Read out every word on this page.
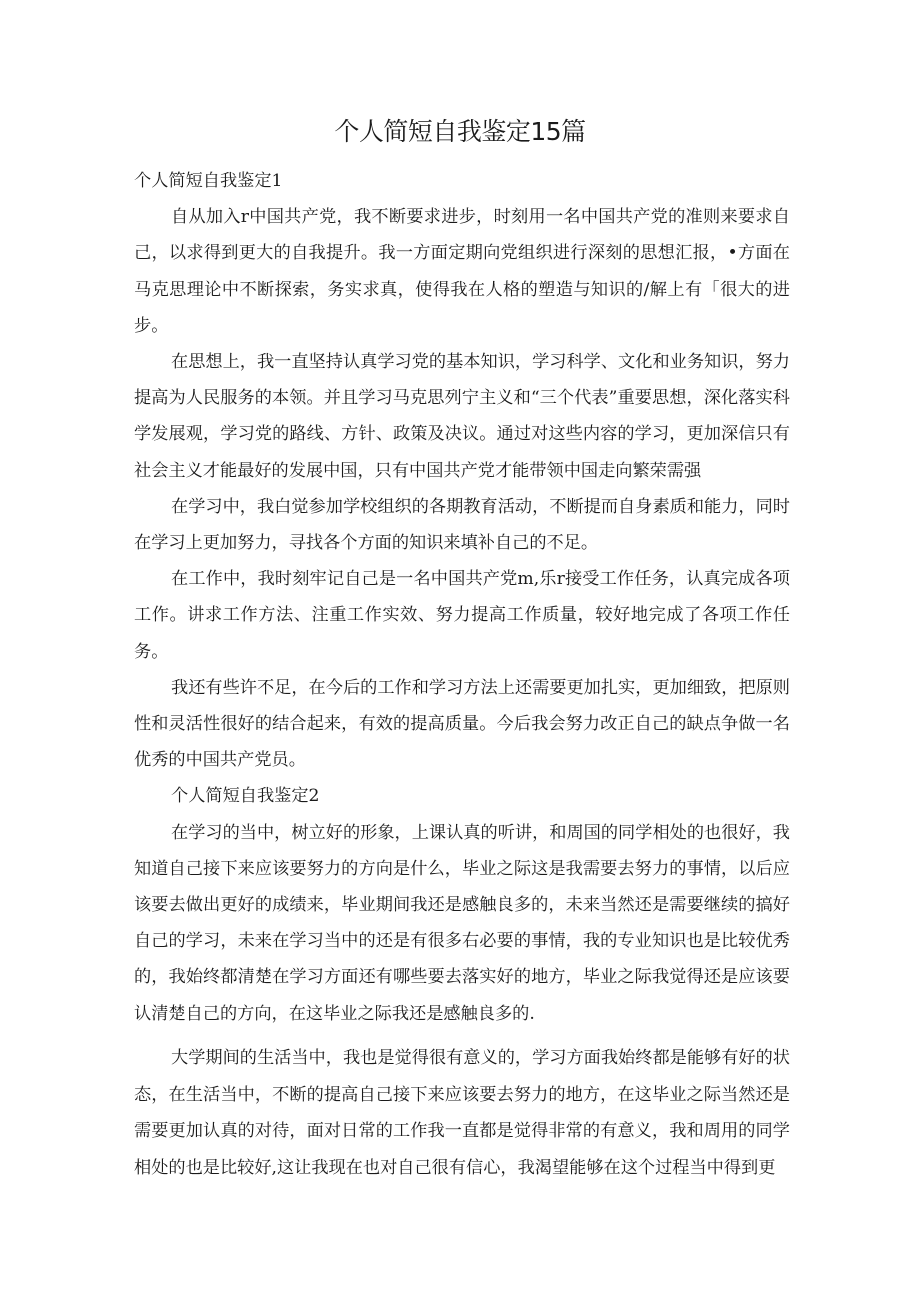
个人简短自我鉴定15篇

个人简短自我鉴定1

自从加入r中国共产党，我不断要求进步，时刻用一名中国共产党的准则来要求自己，以求得到更大的自我提升。我一方面定期向党组织进行深刻的思想汇报，•方面在马克思理论中不断探索，务实求真，使得我在人格的塑造与知识的/解上有「很大的进步。

在思想上，我一直坚持认真学习党的基本知识，学习科学、文化和业务知识，努力提高为人民服务的本领。并且学习马克思列宁主义和“三个代表”重要思想，深化落实科学发展观，学习党的路线、方针、政策及决议。通过对这些内容的学习，更加深信只有社会主义才能最好的发展中国，只有中国共产党才能带领中国走向繁荣需强

在学习中，我白觉参加学校组织的各期教育活动，不断提而自身素质和能力，同时在学习上更加努力，寻找各个方面的知识来填补自己的不足。

在工作中，我时刻牢记自己是一名中国共产党m,乐r接受工作任务，认真完成各项工作。讲求工作方法、注重工作实效、努力提高工作质量，较好地完成了各项工作任务。

我还有些许不足，在今后的工作和学习方法上还需要更加扎实，更加细致，把原则性和灵活性很好的结合起来，有效的提高质量。今后我会努力改正自己的缺点争做一名优秀的中国共产党员。

个人简短自我鉴定2

在学习的当中，树立好的形象，上课认真的听讲，和周国的同学相处的也很好，我知道自己接下来应该要努力的方向是什么，毕业之际这是我需要去努力的事情，以后应该要去做出更好的成绩来，毕业期间我还是感触良多的，未来当然还是需要继续的搞好自己的学习，未来在学习当中的还是有很多右必要的事情，我的专业知识也是比较优秀的，我始终都清楚在学习方面还有哪些要去落实好的地方，毕业之际我觉得还是应该要认清楚自己的方向，在这毕业之际我还是感触良多的.

大学期间的生活当中，我也是觉得很有意义的，学习方面我始终都是能够有好的状态，在生活当中，不断的提高自己接下来应该要去努力的地方，在这毕业之际当然还是需要更加认真的对待，面对日常的工作我一直都是觉得非常的有意义，我和周用的同学相处的也是比较好,这让我现在也对自己很有信心，我渴望能够在这个过程当中得到更
